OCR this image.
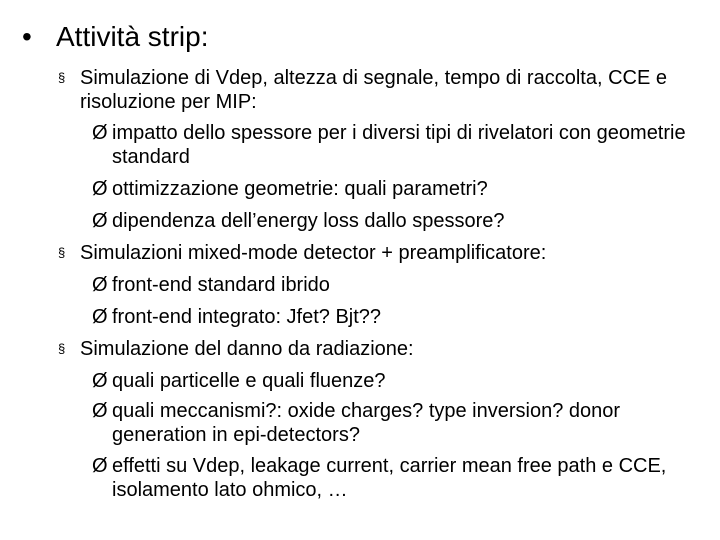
• Attività strip:
§ Simulazione di Vdep, altezza di segnale, tempo di raccolta, CCE e risoluzione per MIP:
Ø impatto dello spessore per i diversi tipi di rivelatori con geometrie standard
Ø ottimizzazione geometrie: quali parametri?
Ø dipendenza dell’energy loss dallo spessore?
§ Simulazioni mixed-mode detector + preamplificatore:
Ø front-end standard ibrido
Ø front-end integrato: Jfet? Bjt??
§ Simulazione del danno da radiazione:
Ø quali particelle e quali fluenze?
Ø quali meccanismi?: oxide charges? type inversion? donor generation in epi-detectors?
Ø effetti su Vdep, leakage current, carrier mean free path e CCE, isolamento lato ohmico, …
